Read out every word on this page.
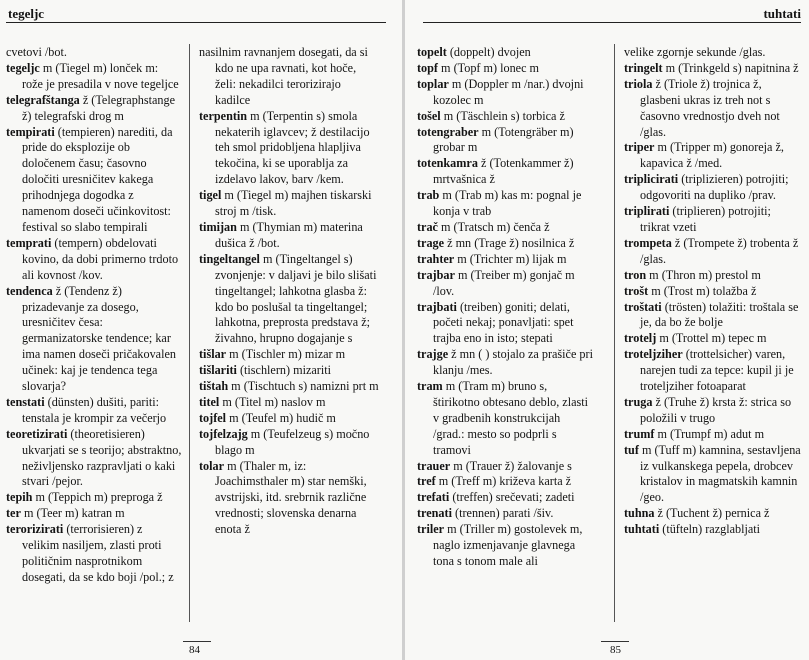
tegeljc
cvetovi /bot.
tegeljc m (Tiegel m) lonček m: rože je presadila v nove tegeljce
telegrafštanga ž (Telegraphstange ž) telegrafski drog m
tempirati (tempieren) narediti, da pride do eksplozije ob določenem času; časovno določiti uresničitev kakega prihodnjega dogodka z namenom doseči učinkovitost: festival so slabo tempirali
temprati (tempern) obdelovati kovino, da dobi primerno trdoto ali kovnost /kov.
tendenca ž (Tendenz ž) prizadevanje za dosego, uresničitev česa: germanizatorske tendence; kar ima namen doseči pričakovalen učinek: kaj je tendenca tega slovarja?
tenstati (dünsten) dušiti, pariti: tenstala je krompir za večerjo
teoretizirati (theoretisieren) ukvarjati se s teorijo; abstraktno, neživljensko razpravljati o kaki stvari /pejor.
tepih m (Teppich m) preproga ž
ter m (Teer m) katran m
terorizirati (terrorisieren) z velikim nasiljem, zlasti proti političnim nasprotnikom dosegati, da se kdo boji /pol.; z
nasilnim ravnanjem dosegati, da si kdo ne upa ravnati, kot hoče, želi: nekadilci terorizirajo kadilce
terpentin m (Terpentin s) smola nekaterih iglavcev; ž destilacijo teh smol pridobljena hlapljiva tekočina, ki se uporablja za izdelavo lakov, barv /kem.
tigel m (Tiegel m) majhen tiskarski stroj m /tisk.
timijan m (Thymian m) materina dušica ž /bot.
tingeltangel m (Tingeltangel s) zvonjenje: v daljavi je bilo slišati tingeltangel; lahkotna glasba ž: kdo bo poslušal ta tingeltangel; lahkotna, preprosta predstava ž; živahno, hrupno dogajanje s
tišlar m (Tischler m) mizar m
tišlariti (tischlern) mizariti
tištah m (Tischtuch s) namizni prt m
titel m (Titel m) naslov m
tojfel m (Teufel m) hudič m
tojfelzajg m (Teufelzeug s) močno blago m
tolar m (Thaler m, iz: Joachimsthaler m) star nemški, avstrijski, itd. srebrnik različne vrednosti; slovenska denarna enota ž
84
tuhtati
topelt (doppelt) dvojen
topf m (Topf m) lonec m
toplar m (Doppler m /nar.) dvojni kozolec m
tošel m (Täschlein s) torbica ž
totengraber m (Totengräber m) grobar m
totenkamra ž (Totenkammer ž) mrtvašnica ž
trab m (Trab m) kas m: pognal je konja v trab
trač m (Tratsch m) čenča ž
trage ž mn (Trage ž) nosilnica ž
trahter m (Trichter m) lijak m
trajbar m (Treiber m) gonjač m /lov.
trajbati (treiben) goniti; delati, početi nekaj; ponavljati: spet trajba eno in isto; stepati
trajge ž mn ( ) stojalo za prašiče pri klanju /mes.
tram m (Tram m) bruno s, štirikotno obtesano deblo, zlasti v gradbenih konstrukcijah /grad.: mesto so podprli s tramovi
trauer m (Trauer ž) žalovanje s
tref m (Treff m) križeva karta ž
trefati (treffen) srečevati; zadeti
trenati (trennen) parati /šiv.
triler m (Triller m) gostolevek m, naglo izmenjavanje glavnega tona s tonom male ali
velike zgornje sekunde /glas.
tringelt m (Trinkgeld s) napitnina ž
triola ž (Triole ž) trojnica ž, glasbeni ukras iz treh not s časovno vrednostjo dveh not /glas.
triper m (Tripper m) gonoreja ž, kapavica ž /med.
triplicirati (triplizieren) potrojiti; odgovoriti na dupliko /prav.
triplirati (triplieren) potrojiti; trikrat vzeti
trompeta ž (Trompete ž) trobenta ž /glas.
tron m (Thron m) prestol m
trošt m (Trost m) tolažba ž
troštati (trösten) tolažiti: troštala se je, da bo že bolje
trotelj m (Trottel m) tepec m
troteljziher (trottelsicher) varen, narejen tudi za tepce: kupil ji je troteljziher fotoaparat
truga ž (Truhe ž) krsta ž: strica so položili v trugo
trumf m (Trumpf m) adut m
tuf m (Tuff m) kamnina, sestavljena iz vulkanskega pepela, drobcev kristalov in magmatskih kamnin /geo.
tuhna ž (Tuchent ž) pernica ž
tuhtati (tüfteln) razglabljati
85
